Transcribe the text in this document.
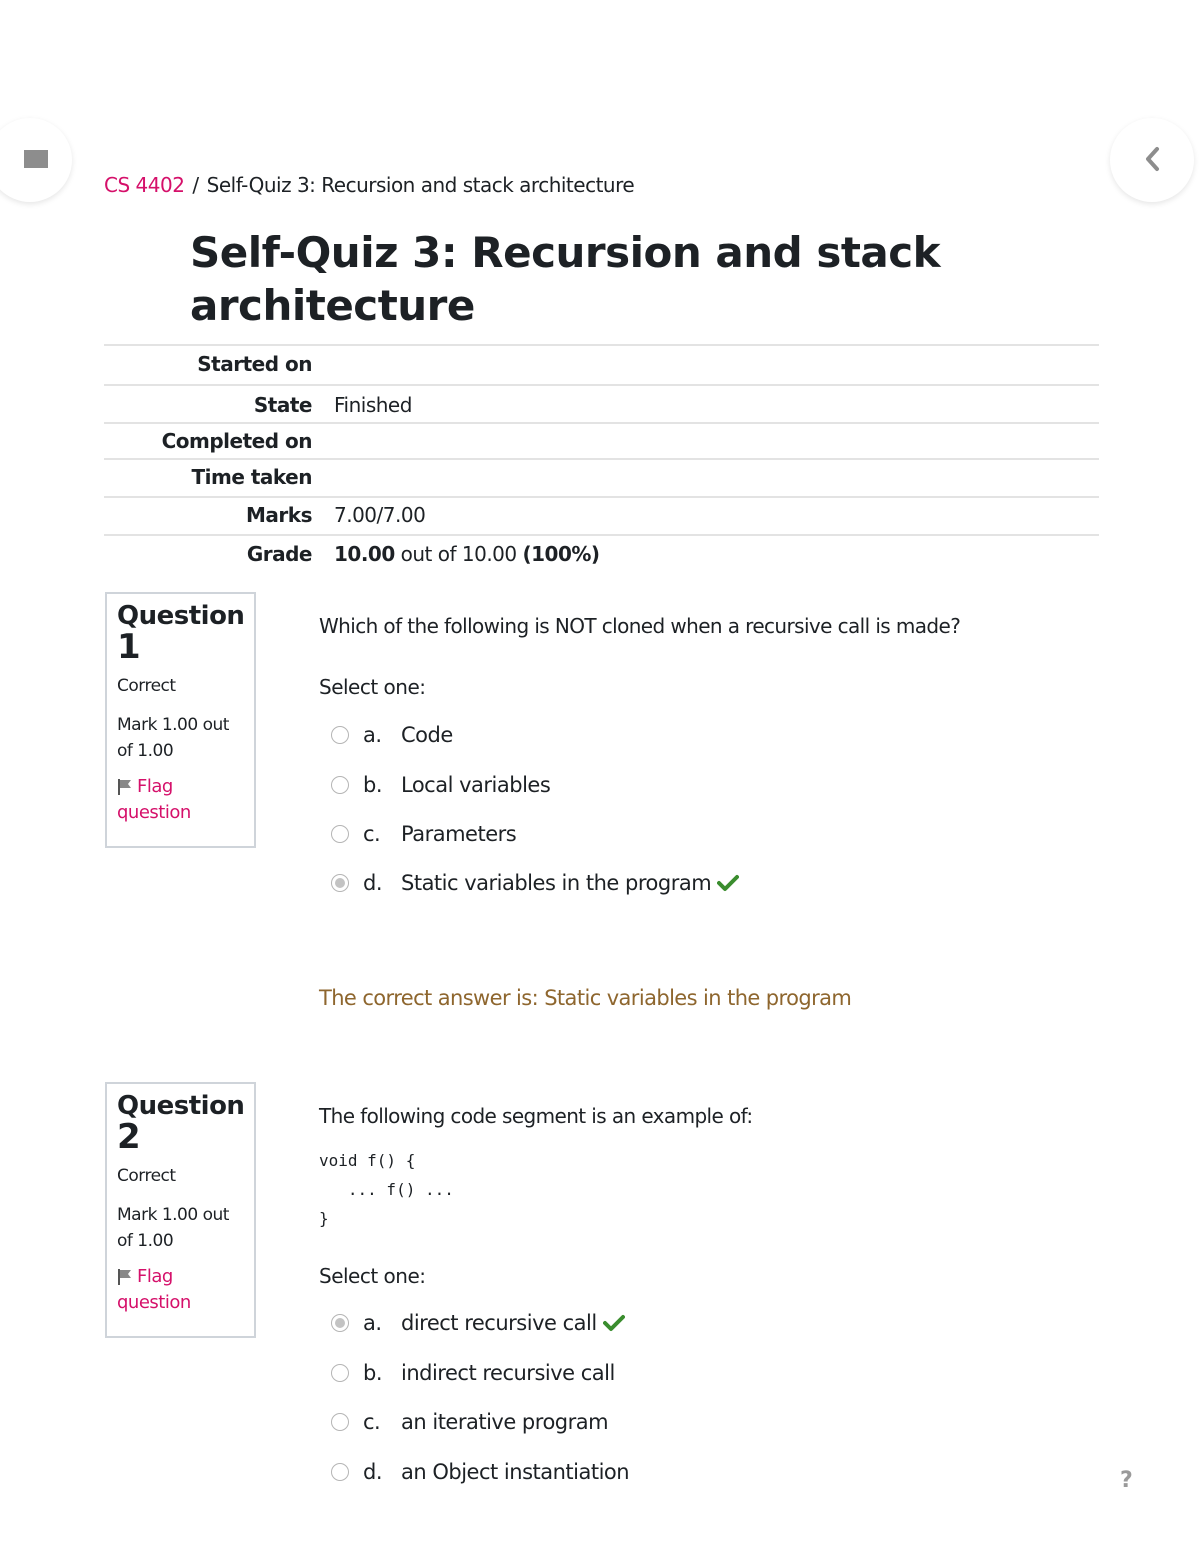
CS 4402 / Self-Quiz 3: Recursion and stack architecture
Self-Quiz 3: Recursion and stack architecture
Started on
State Finished
Completed on
Time taken
Marks 7.00/7.00
Grade 10.00 out of 10.00 (100%)
Question
1
Correct
Mark 1.00 out of 1.00
Flag question
Which of the following is NOT cloned when a recursive call is made?
Select one:
a. Code
b. Local variables
c. Parameters
d. Static variables in the program
The correct answer is: Static variables in the program
Question
2
Correct
Mark 1.00 out of 1.00
Flag question
The following code segment is an example of:
void f() {
... f() ...
}
Select one:
a. direct recursive call
b. indirect recursive call
c. an iterative program
d. an Object instantiation	?
